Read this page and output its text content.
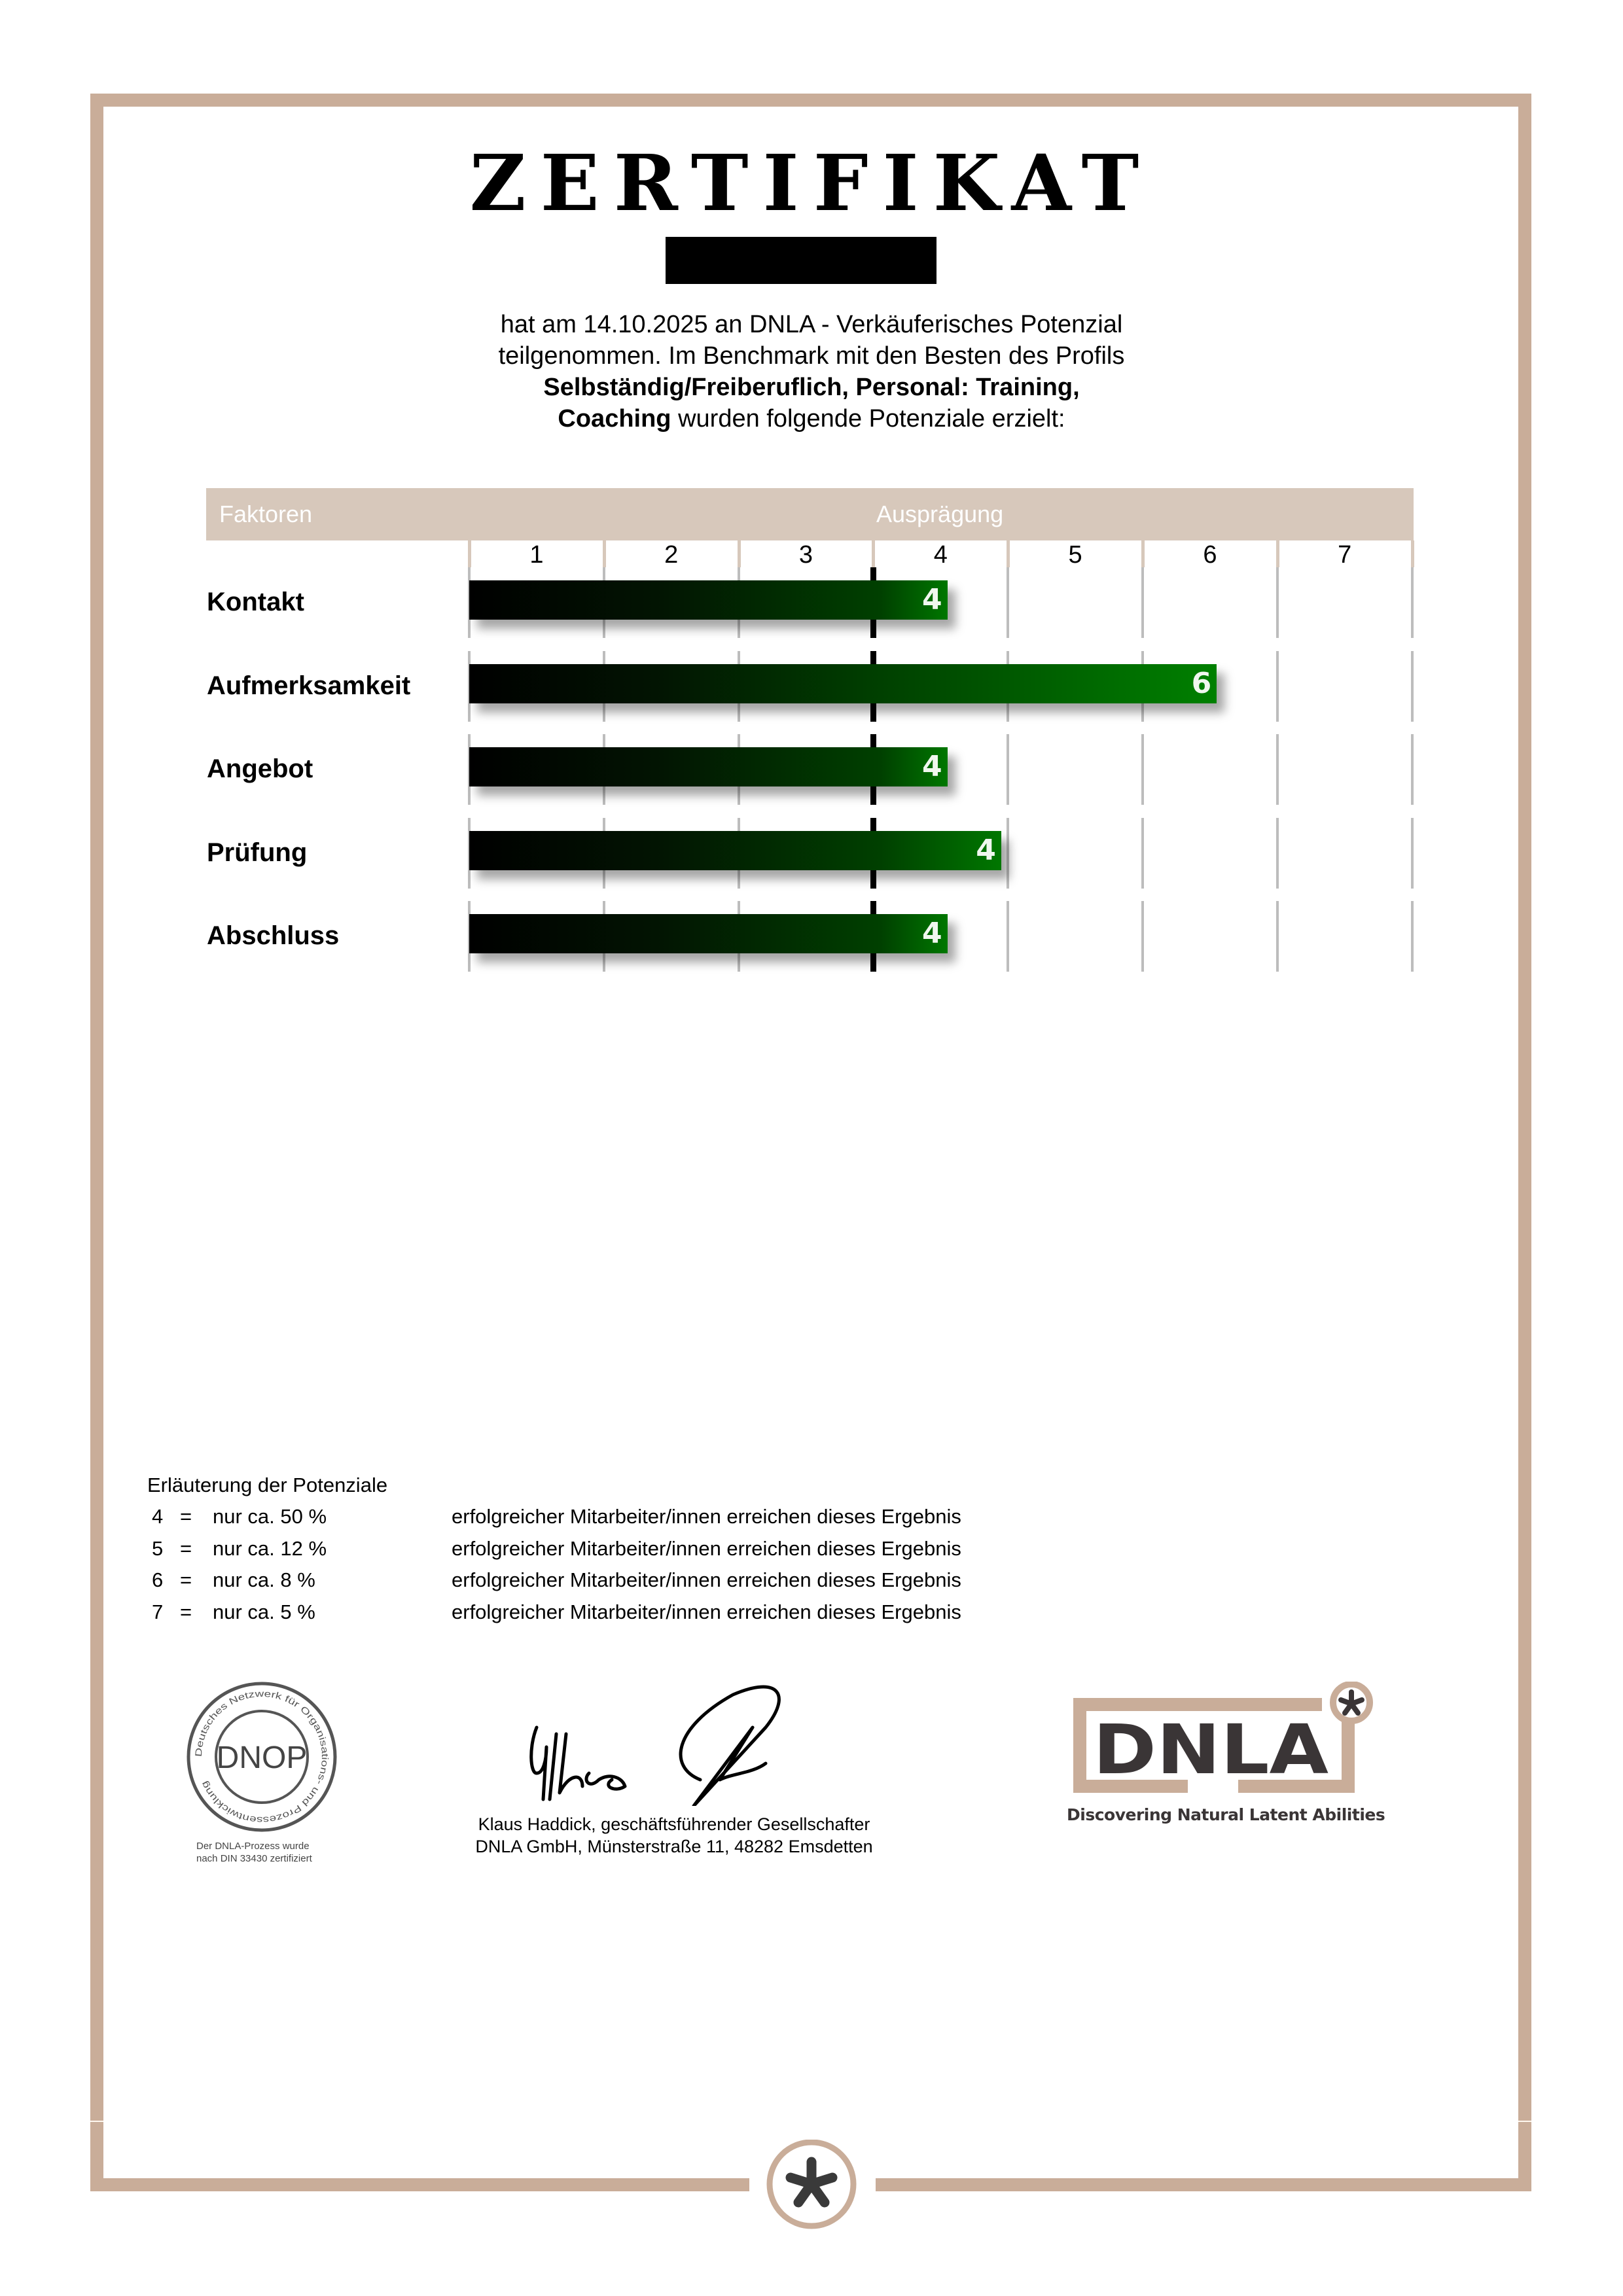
ZERTIFIKAT
hat am 14.10.2025 an DNLA - Verkäuferisches Potenzial
teilgenommen. Im Benchmark mit den Besten des Profils
Selbständig/Freiberuflich, Personal: Training,
Coaching wurden folgende Potenziale erzielt:
Faktoren	Ausprägung
1	2	3	4	5	6	7
Kontakt	4
Aufmerksamkeit	6
Angebot	4
Prüfung	4
Abschluss	4
Erläuterung der Potenziale
4 =	nur ca. 50 %	erfolgreicher Mitarbeiter/innen erreichen dieses Ergebnis
5 =	nur ca. 12 %	erfolgreicher Mitarbeiter/innen erreichen dieses Ergebnis
6 =	nur ca. 8 %	erfolgreicher Mitarbeiter/innen erreichen dieses Ergebnis
7 =	nur ca. 5 %	erfolgreicher Mitarbeiter/innen erreichen dieses Ergebnis
Deutsches Netzwerk für Organisations- und Prozessentwicklung
DNOP
Der DNLA-Prozess wurde
nach DIN 33430 zertifiziert
Klaus Haddick, geschäftsführender Gesellschafter
DNLA GmbH, Münsterstraße 11, 48282 Emsdetten
DNLA
Discovering Natural Latent Abilities
